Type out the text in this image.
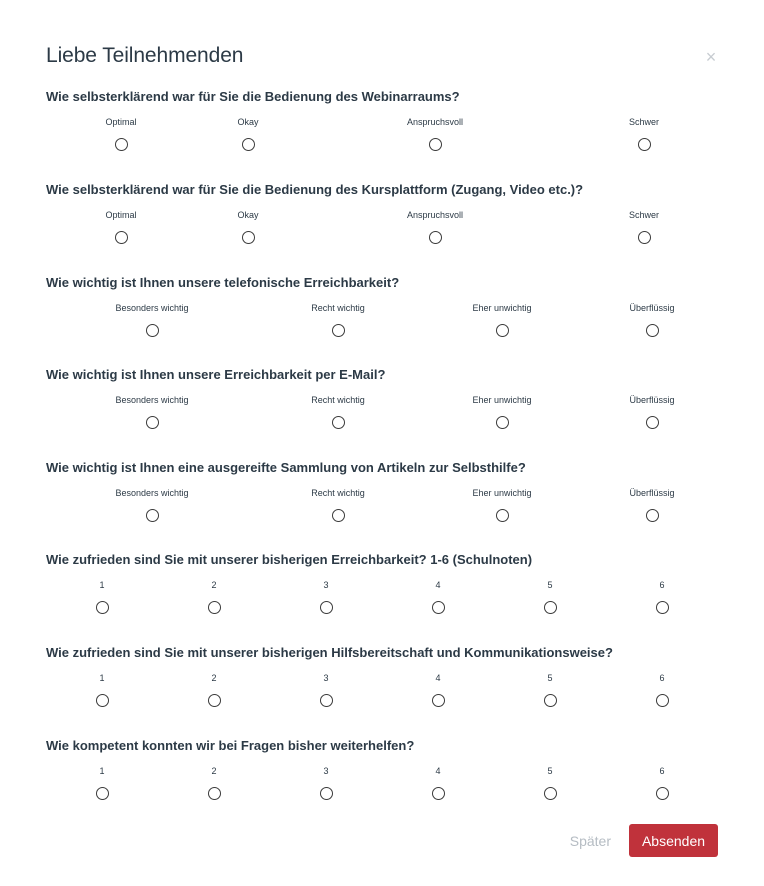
Liebe Teilnehmenden	×
Wie selbsterklärend war für Sie die Bedienung des Webinarraums?
Optimal	Okay	Anspruchsvoll	Schwer
Wie selbsterklärend war für Sie die Bedienung des Kursplattform (Zugang, Video etc.)?
Optimal	Okay	Anspruchsvoll	Schwer
Wie wichtig ist Ihnen unsere telefonische Erreichbarkeit?
Besonders wichtig	Recht wichtig	Eher unwichtig	Überflüssig
Wie wichtig ist Ihnen unsere Erreichbarkeit per E-Mail?
Besonders wichtig	Recht wichtig	Eher unwichtig	Überflüssig
Wie wichtig ist Ihnen eine ausgereifte Sammlung von Artikeln zur Selbsthilfe?
Besonders wichtig	Recht wichtig	Eher unwichtig	Überflüssig
Wie zufrieden sind Sie mit unserer bisherigen Erreichbarkeit? 1-6 (Schulnoten)
1	2	3	4	5	6
Wie zufrieden sind Sie mit unserer bisherigen Hilfsbereitschaft und Kommunikationsweise?
1	2	3	4	5	6
Wie kompetent konnten wir bei Fragen bisher weiterhelfen?
1	2	3	4	5	6
Später	Absenden
